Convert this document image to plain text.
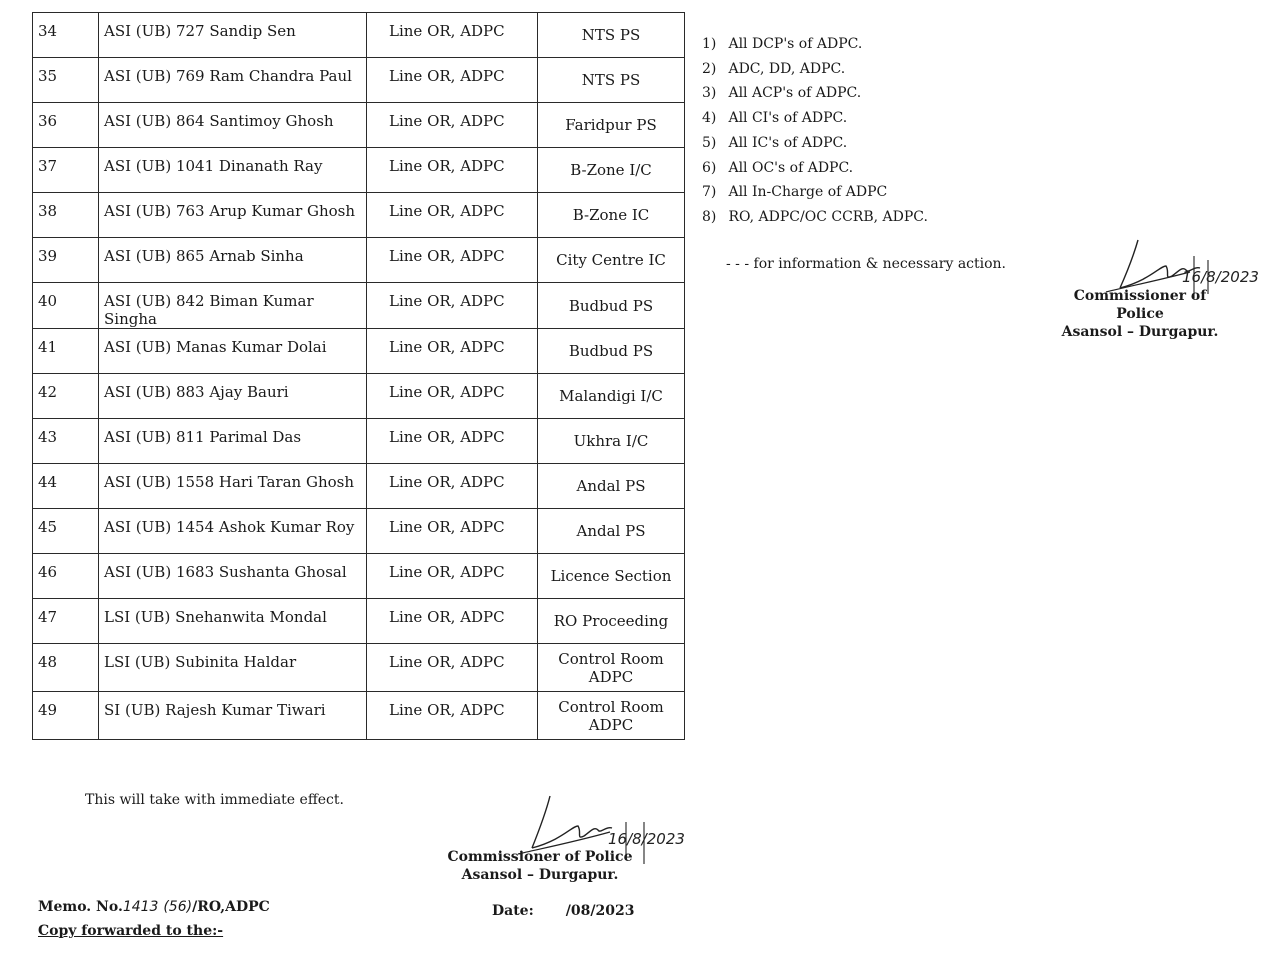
34	ASI (UB) 727 Sandip Sen	Line OR, ADPC	NTS PS
35	ASI (UB) 769 Ram Chandra Paul	Line OR, ADPC	NTS PS
36	ASI (UB) 864 Santimoy Ghosh	Line OR, ADPC	Faridpur PS
37	ASI (UB) 1041 Dinanath Ray	Line OR, ADPC	B-Zone I/C
38	ASI (UB) 763 Arup Kumar Ghosh	Line OR, ADPC	B-Zone IC
39	ASI (UB) 865 Arnab Sinha	Line OR, ADPC	City Centre IC
40	ASI (UB) 842 Biman Kumar Singha	Line OR, ADPC	Budbud PS
41	ASI (UB) Manas Kumar Dolai	Line OR, ADPC	Budbud PS
42	ASI (UB) 883 Ajay Bauri	Line OR, ADPC	Malandigi I/C
43	ASI (UB) 811 Parimal Das	Line OR, ADPC	Ukhra I/C
44	ASI (UB) 1558 Hari Taran Ghosh	Line OR, ADPC	Andal PS
45	ASI (UB) 1454 Ashok Kumar Roy	Line OR, ADPC	Andal PS
46	ASI (UB) 1683 Sushanta Ghosal	Line OR, ADPC	Licence Section
47	LSI (UB) Snehanwita Mondal	Line OR, ADPC	RO Proceeding
48	LSI (UB) Subinita Haldar	Line OR, ADPC	Control Room ADPC
49	SI (UB) Rajesh Kumar Tiwari	Line OR, ADPC	Control Room ADPC
1) All DCP's of ADPC.
2) ADC, DD, ADPC.
3) All ACP's of ADPC.
4) All CI's of ADPC.
5) All IC's of ADPC.
6) All OC's of ADPC.
7) All In-Charge of ADPC
8) RO, ADPC/OC CCRB, ADPC.
- - - for information & necessary action.
16/8/2023
Commissioner of Police
Asansol – Durgapur.
This will take with immediate effect.
16/8/2023
Commissioner of Police
Asansol – Durgapur.
Memo. No.1413 (56)/RO,ADPC	Date: /08/2023
Copy forwarded to the:-
